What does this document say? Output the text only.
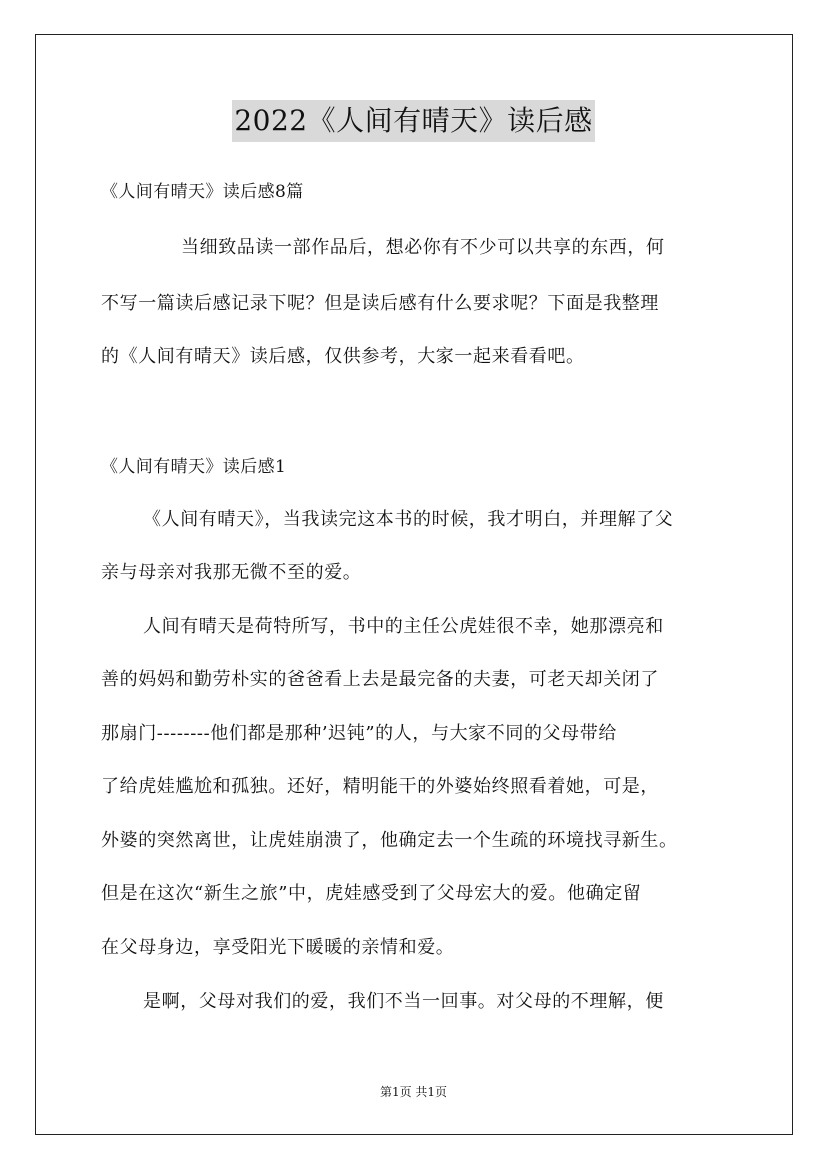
2022《人间有晴天》读后感
《人间有晴天》读后感8篇
当细致品读一部作品后，想必你有不少可以共享的东西，何
不写一篇读后感记录下呢？但是读后感有什么要求呢？下面是我整理
的《人间有晴天》读后感，仅供参考，大家一起来看看吧。
《人间有晴天》读后感1
《人间有晴天》，当我读完这本书的时候，我才明白，并理解了父
亲与母亲对我那无微不至的爱。
人间有晴天是荷特所写，书中的主任公虎娃很不幸，她那漂亮和
善的妈妈和勤劳朴实的爸爸看上去是最完备的夫妻，可老天却关闭了
那扇门--------他们都是那种’迟钝”的人，与大家不同的父母带给
了给虎娃尴尬和孤独。还好，精明能干的外婆始终照看着她，可是，
外婆的突然离世，让虎娃崩溃了，他确定去一个生疏的环境找寻新生。
但是在这次“新生之旅”中，虎娃感受到了父母宏大的爱。他确定留
在父母身边，享受阳光下暖暖的亲情和爱。
是啊，父母对我们的爱，我们不当一回事。对父母的不理解，便
第1页 共1页
